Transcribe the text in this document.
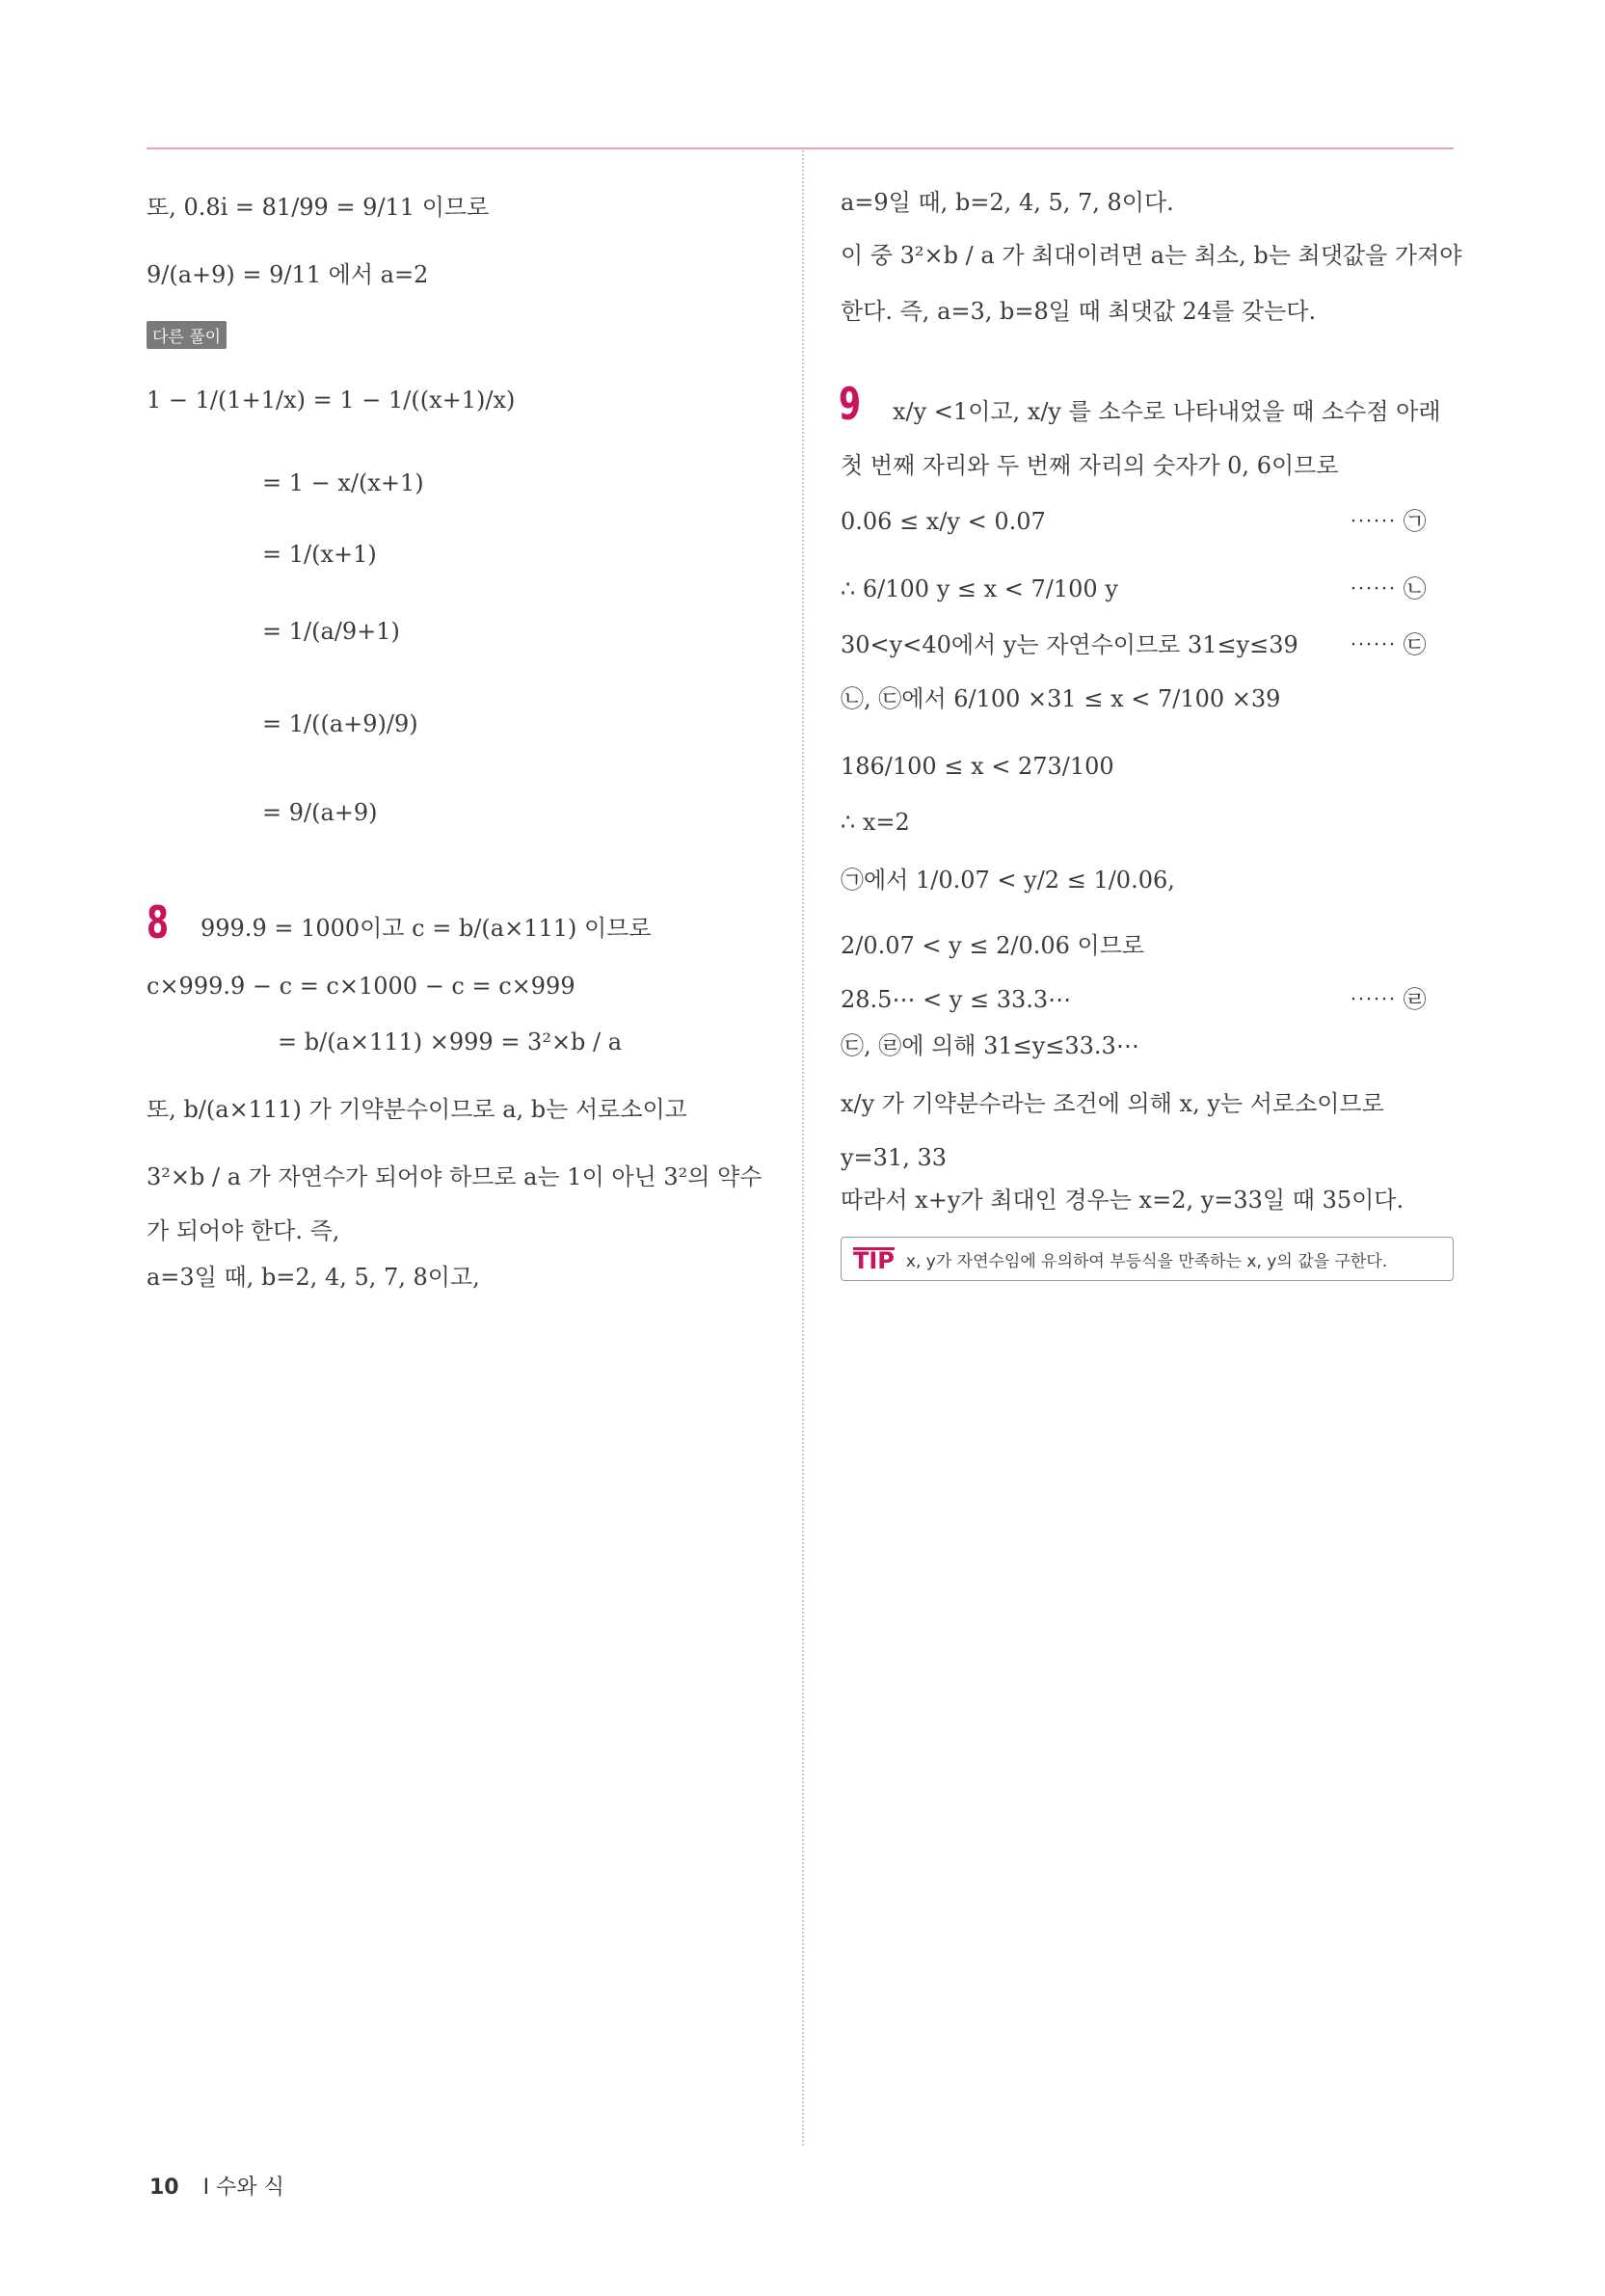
또, 0.8i̇ = 81/99 = 9/11 이므로
9/(a+9) = 9/11 에서 a=2
다른 풀이
1 − 1/(1+1/x) = 1 − 1/((x+1)/x)
= 1 − x/(x+1)
= 1/(x+1)
= 1/(a/9+1)
= 1/((a+9)/9)
= 9/(a+9)
8 999.9̇ = 1000이고 c = b/(a×111) 이므로
c×999.9̇ − c = c×1000 − c = c×999
= b/(a×111) ×999 = 3²×b / a
또, b/(a×111) 가 기약분수이므로 a, b는 서로소이고
3²×b / a 가 자연수가 되어야 하므로 a는 1이 아닌 3²의 약수
가 되어야 한다. 즉,
a=3일 때, b=2, 4, 5, 7, 8이고,
a=9일 때, b=2, 4, 5, 7, 8이다.
이 중 3²×b / a 가 최대이려면 a는 최소, b는 최댓값을 가져야
한다. 즉, a=3, b=8일 때 최댓값 24를 갖는다.
9 x/y <1이고, x/y 를 소수로 나타내었을 때 소수점 아래
첫 번째 자리와 두 번째 자리의 숫자가 0, 6이므로
0.06 ≤ x/y < 0.07	⋯⋯ ㉠
∴ 6/100 y ≤ x < 7/100 y	⋯⋯ ㉡
30<y<40에서 y는 자연수이므로 31≤y≤39 ⋯⋯ ㉢
㉡, ㉢에서 6/100 ×31 ≤ x < 7/100 ×39
186/100 ≤ x < 273/100
∴ x=2
㉠에서 1/0.07 < y/2 ≤ 1/0.06,
2/0.07 < y ≤ 2/0.06 이므로
28.5⋯ < y ≤ 33.3⋯	⋯⋯ ㉣
㉢, ㉣에 의해 31≤y≤33.3⋯
x/y 가 기약분수라는 조건에 의해 x, y는 서로소이므로
y=31, 33
따라서 x+y가 최대인 경우는 x=2, y=33일 때 35이다.
TIP x, y가 자연수임에 유의하여 부등식을 만족하는 x, y의 값을 구한다.
10 Ⅰ 수와 식
